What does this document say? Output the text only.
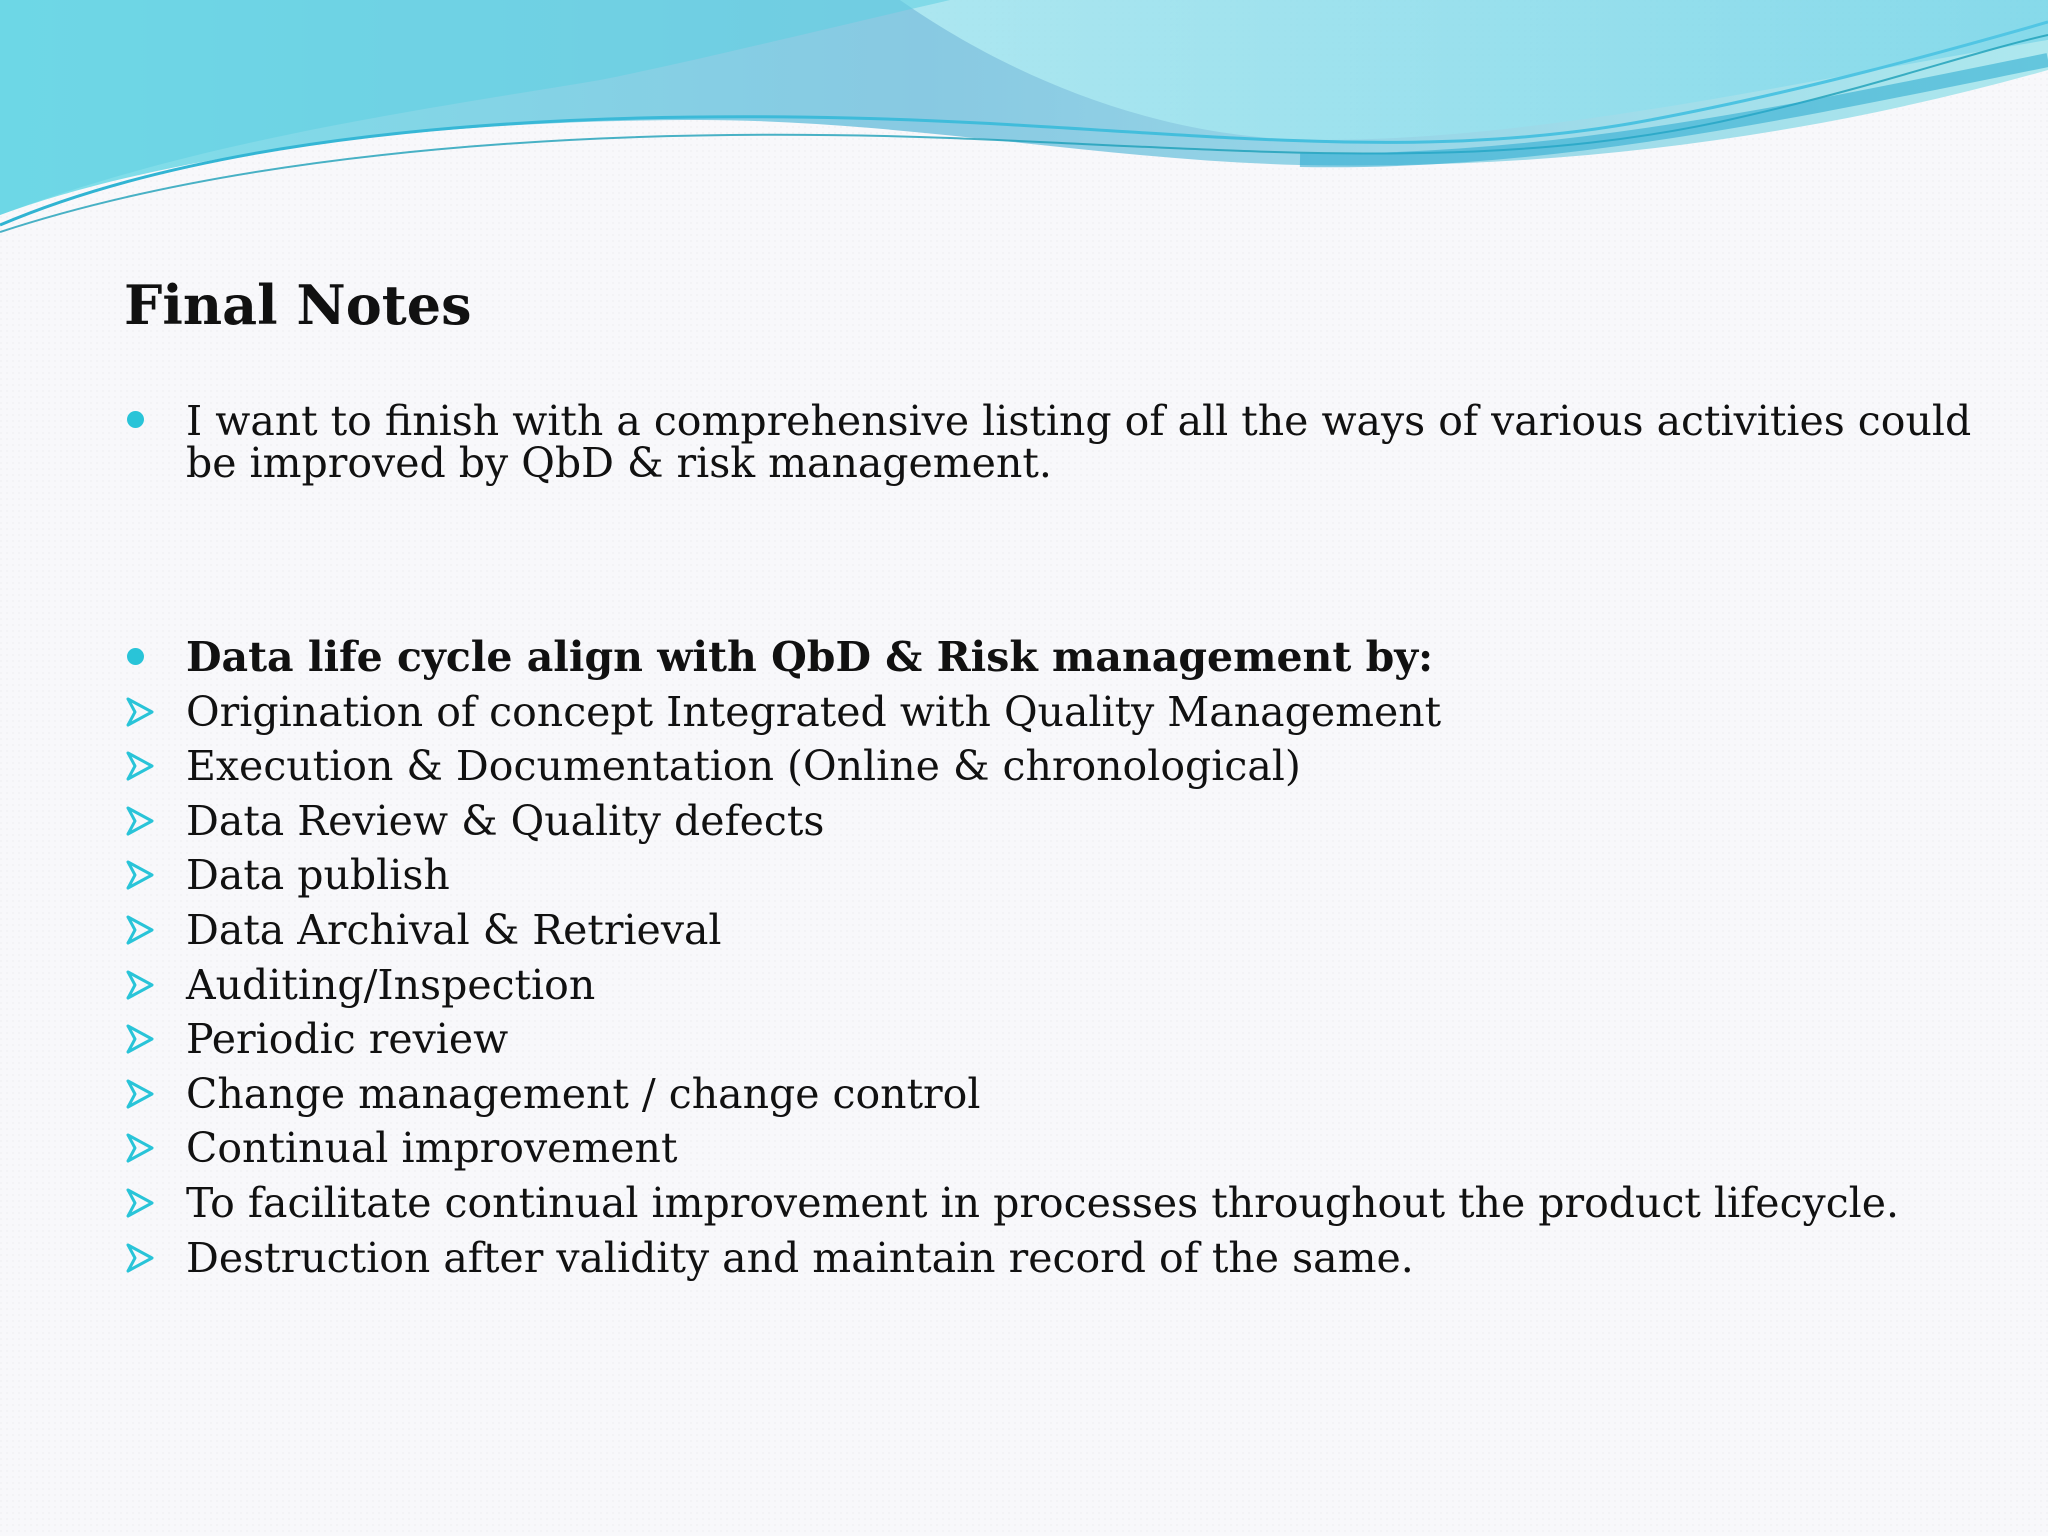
Final Notes
I want to finish with a comprehensive listing of all the ways of various activities could be improved by QbD & risk management.
Data life cycle align with QbD & Risk management by:
Origination of concept Integrated with Quality Management
Execution & Documentation (Online & chronological)
Data Review & Quality defects
Data publish
Data Archival & Retrieval
Auditing/Inspection
Periodic review
Change management / change control
Continual improvement
To facilitate continual improvement in processes throughout the product lifecycle.
Destruction after validity and maintain record of the same.
